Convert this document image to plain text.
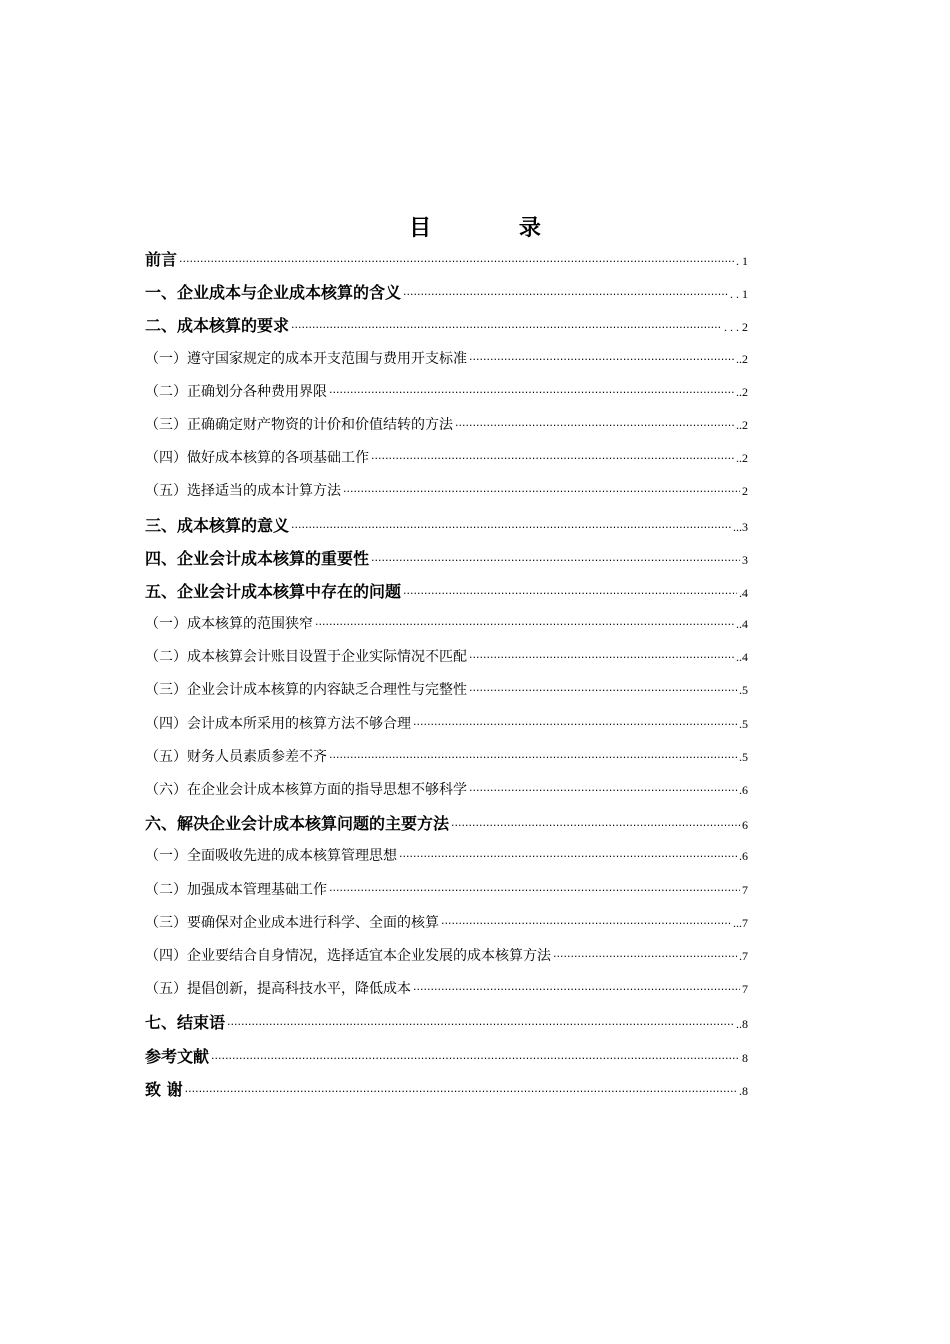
目 录
前言 ·····	. 1
一、企业成本与企业成本核算的含义 ·····	. . 1
二、成本核算的要求 ·····	. . . 2
（一）遵守国家规定的成本开支范围与费用开支标准 ·····	..2
（二）正确划分各种费用界限 ·····	..2
（三）正确确定财产物资的计价和价值结转的方法 ·····	..2
（四）做好成本核算的各项基础工作 ·····	..2
（五）选择适当的成本计算方法 ·····	2
三、成本核算的意义 ·····	...3
四、企业会计成本核算的重要性 ·····	3
五、企业会计成本核算中存在的问题 ·····	.4
（一）成本核算的范围狭窄 ·····	..4
（二）成本核算会计账目设置于企业实际情况不匹配 ·····	..4
（三）企业会计成本核算的内容缺乏合理性与完整性 ·····	.5
（四）会计成本所采用的核算方法不够合理 ·····	.5
（五）财务人员素质参差不齐 ·····	.5
（六）在企业会计成本核算方面的指导思想不够科学 ·····	.6
六、解决企业会计成本核算问题的主要方法 ·····	6
（一）全面吸收先进的成本核算管理思想 ·····	.6
（二）加强成本管理基础工作 ·····	7
（三）要确保对企业成本进行科学、全面的核算 ·····	...7
（四）企业要结合自身情况，选择适宜本企业发展的成本核算方法 ·····	.7
（五）提倡创新，提高科技水平，降低成本 ·····	7
七、结束语 ·····	..8
参考文献 ·····	8
致 谢 ·····	.8
